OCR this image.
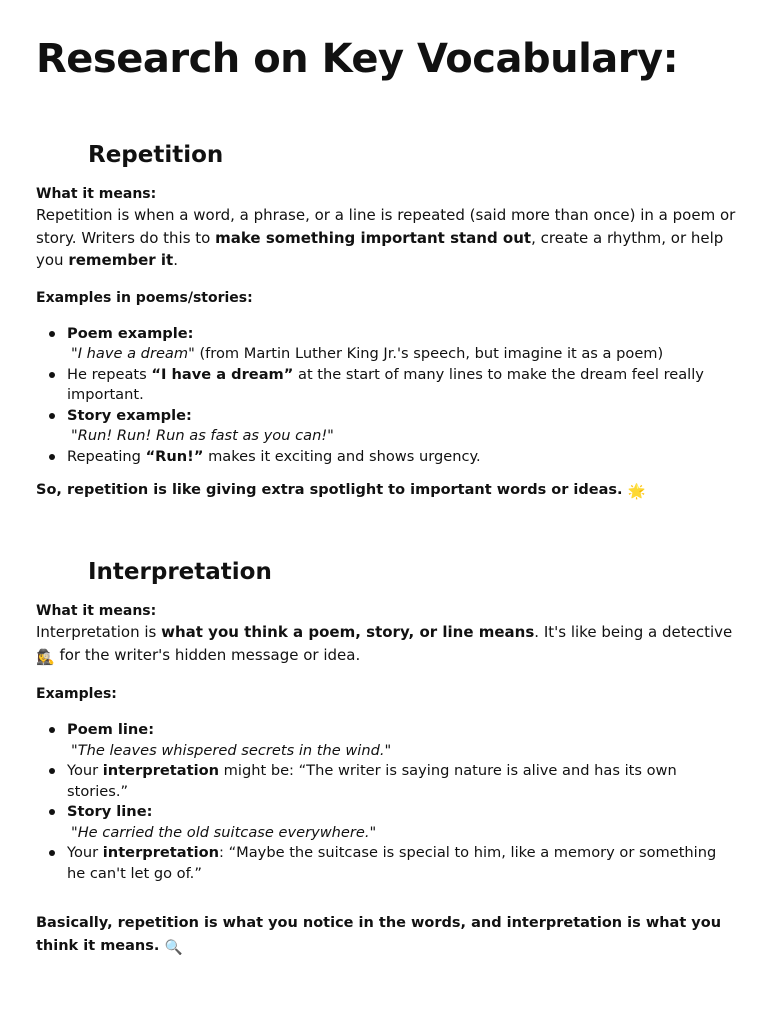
Research on Key Vocabulary:
Repetition

What it means:

Repetition is when a word, a phrase, or a line is repeated (said more than once) in a poem or story. Writers do this to make something important stand out, create a rhythm, or help you remember it.

Examples in poems/stories:

Poem example:
"I have a dream" (from Martin Luther King Jr.'s speech, but imagine it as a poem)
He repeats “I have a dream” at the start of many lines to make the dream feel really important.
Story example:
"Run! Run! Run as fast as you can!"
Repeating “Run!” makes it exciting and shows urgency.

So, repetition is like giving extra spotlight to important words or ideas. 🌟

Interpretation

What it means:

Interpretation is what you think a poem, story, or line means. It's like being a detective 🕵️‍♀️ for the writer's hidden message or idea.

Examples:

Poem line:
"The leaves whispered secrets in the wind."
Your interpretation might be: “The writer is saying nature is alive and has its own stories.”
Story line:
"He carried the old suitcase everywhere."
Your interpretation: “Maybe the suitcase is special to him, like a memory or something he can't let go of.”

Basically, repetition is what you notice in the words, and interpretation is what you think it means. 🔍
